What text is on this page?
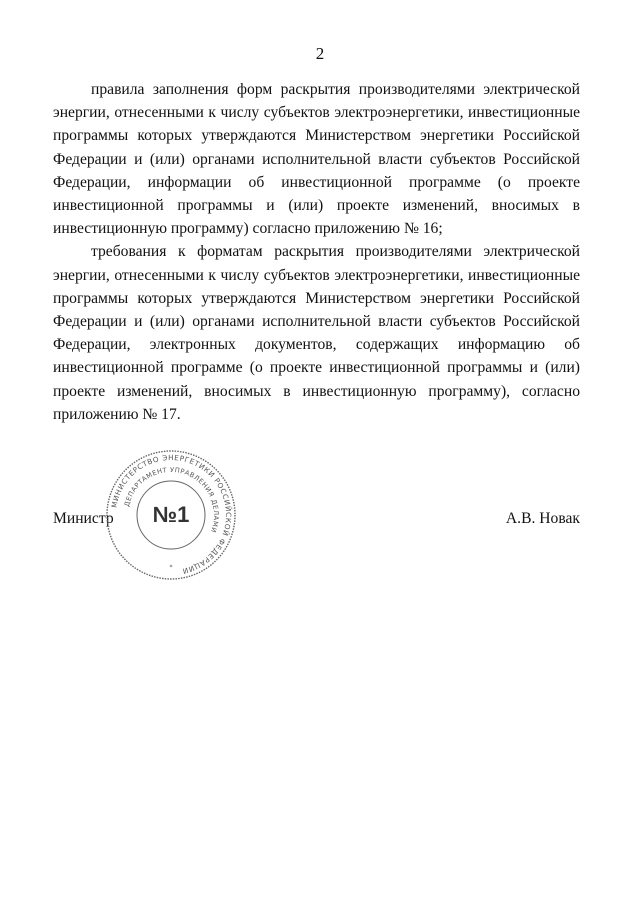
2

правила заполнения форм раскрытия производителями электрической энергии, отнесенными к числу субъектов электроэнергетики, инвестиционные программы которых утверждаются Министерством энергетики Российской Федерации и (или) органами исполнительной власти субъектов Российской Федерации, информации об инвестиционной программе (о проекте инвестиционной программы и (или) проекте изменений, вносимых в инвестиционную программу) согласно приложению № 16;

требования к форматам раскрытия производителями электрической энергии, отнесенными к числу субъектов электроэнергетики, инвестиционные программы которых утверждаются Министерством энергетики Российской Федерации и (или) органами исполнительной власти субъектов Российской Федерации, электронных документов, содержащих информацию об инвестиционной программе (о проекте инвестиционной программы и (или) проекте изменений, вносимых в инвестиционную программу), согласно приложению № 17.

Министр	А.В. Новак
МИНИСТЕРСТВО ЭНЕРГЕТИКИ РОССИЙСКОЙ ФЕДЕРАЦИИ
ДЕПАРТАМЕНТ УПРАВЛЕНИЯ ДЕЛАМИ
№1
*
